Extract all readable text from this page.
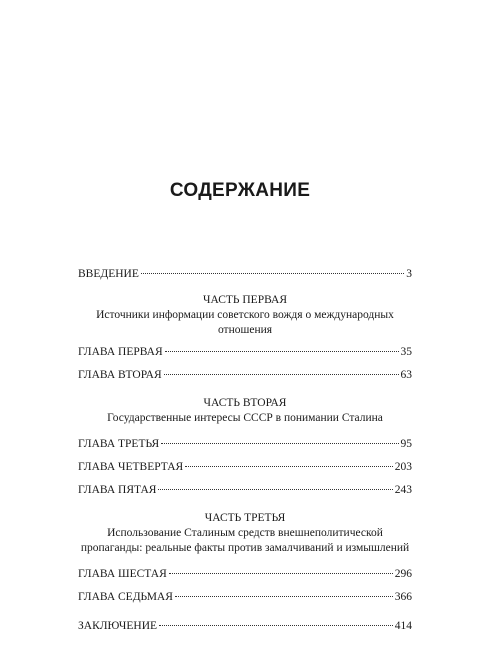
СОДЕРЖАНИЕ
ВВЕДЕНИЕ	3
ЧАСТЬ ПЕРВАЯ
Источники информации советского вождя о международных
отношения
ГЛАВА ПЕРВАЯ	35
ГЛАВА ВТОРАЯ	63
ЧАСТЬ ВТОРАЯ
Государственные интересы СССР в понимании Сталина
ГЛАВА ТРЕТЬЯ	95
ГЛАВА ЧЕТВЕРТАЯ	203
ГЛАВА ПЯТАЯ	243
ЧАСТЬ ТРЕТЬЯ
Использование Сталиным средств внешнеполитической
пропаганды: реальные факты против замалчиваний и измышлений
ГЛАВА ШЕСТАЯ	296
ГЛАВА СЕДЬМАЯ	366
ЗАКЛЮЧЕНИЕ	414
